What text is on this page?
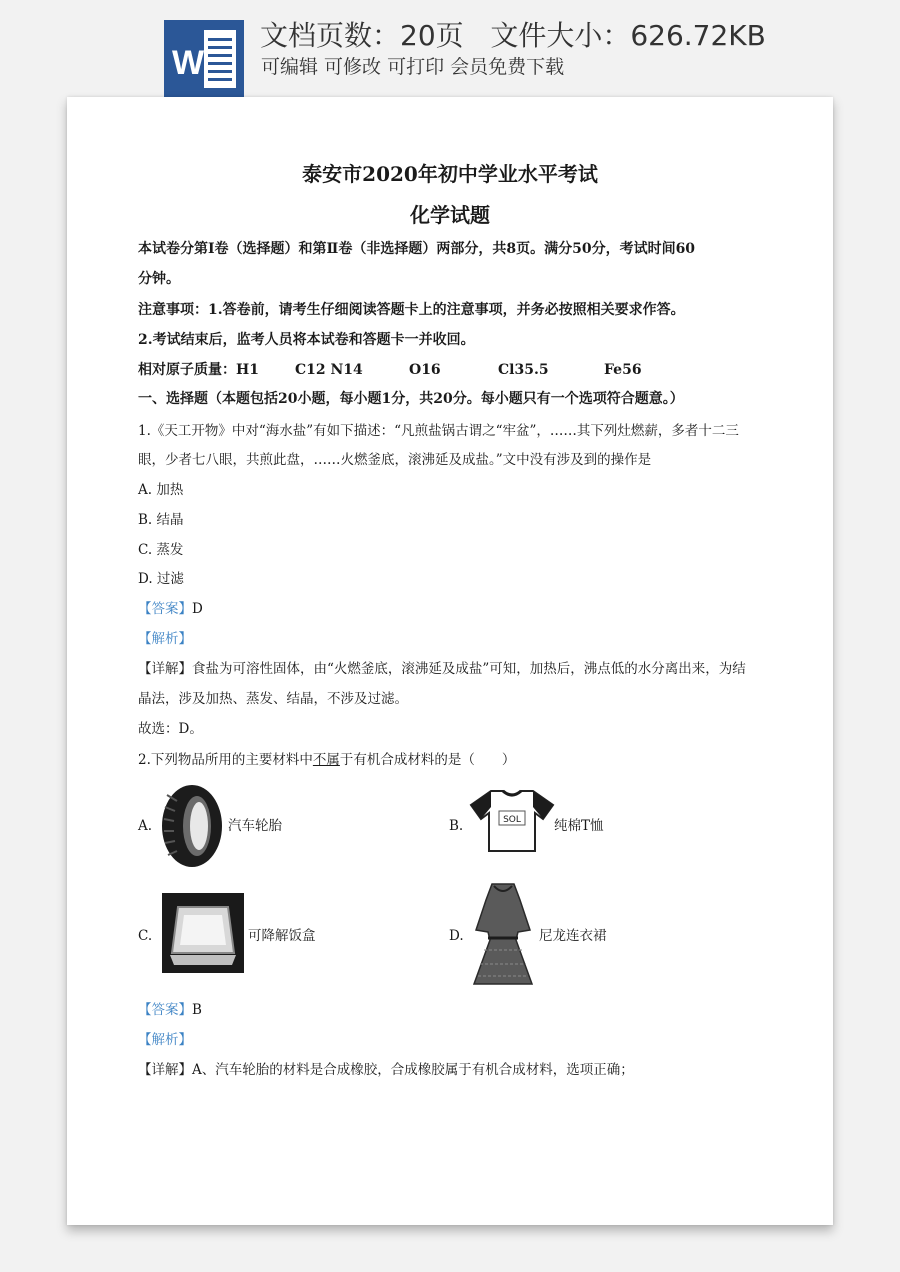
W
文档页数：20页   文件大小：626.72KB
可编辑 可修改 可打印 会员免费下载
泰安市2020年初中学业水平考试
化学试题
本试卷分第Ⅰ卷（选择题）和第Ⅱ卷（非选择题）两部分，共8页。满分50分，考试时间60
分钟。
注意事项：1.答卷前，请考生仔细阅读答题卡上的注意事项，并务必按照相关要求作答。
2.考试结束后，监考人员将本试卷和答题卡一并收回。
相对原子质量：H1	C12 N14	O16	Cl35.5	Fe56
一、选择题（本题包括20小题，每小题1分，共20分。每小题只有一个选项符合题意。）
1.《天工开物》中对“海水盐”有如下描述：“凡煎盐锅古谓之“牢盆”，……其下列灶燃薪，多者十二三
眼，少者七八眼，共煎此盘，……火燃釜底，滚沸延及成盐。”文中没有涉及到的操作是
A. 加热
B. 结晶
C. 蒸发
D. 过滤
【答案】D
【解析】
【详解】食盐为可溶性固体，由“火燃釜底，滚沸延及成盐”可知，加热后，沸点低的水分离出来，为结
晶法，涉及加热、蒸发、结晶，不涉及过滤。
故选：D。
2.下列物品所用的主要材料中不属于有机合成材料的是（　　）
A.	汽车轮胎	B.	SOL 纯棉T恤
C.	可降解饭盒	D.	尼龙连衣裙
【答案】B
【解析】
【详解】A、汽车轮胎的材料是合成橡胶，合成橡胶属于有机合成材料，选项正确；
